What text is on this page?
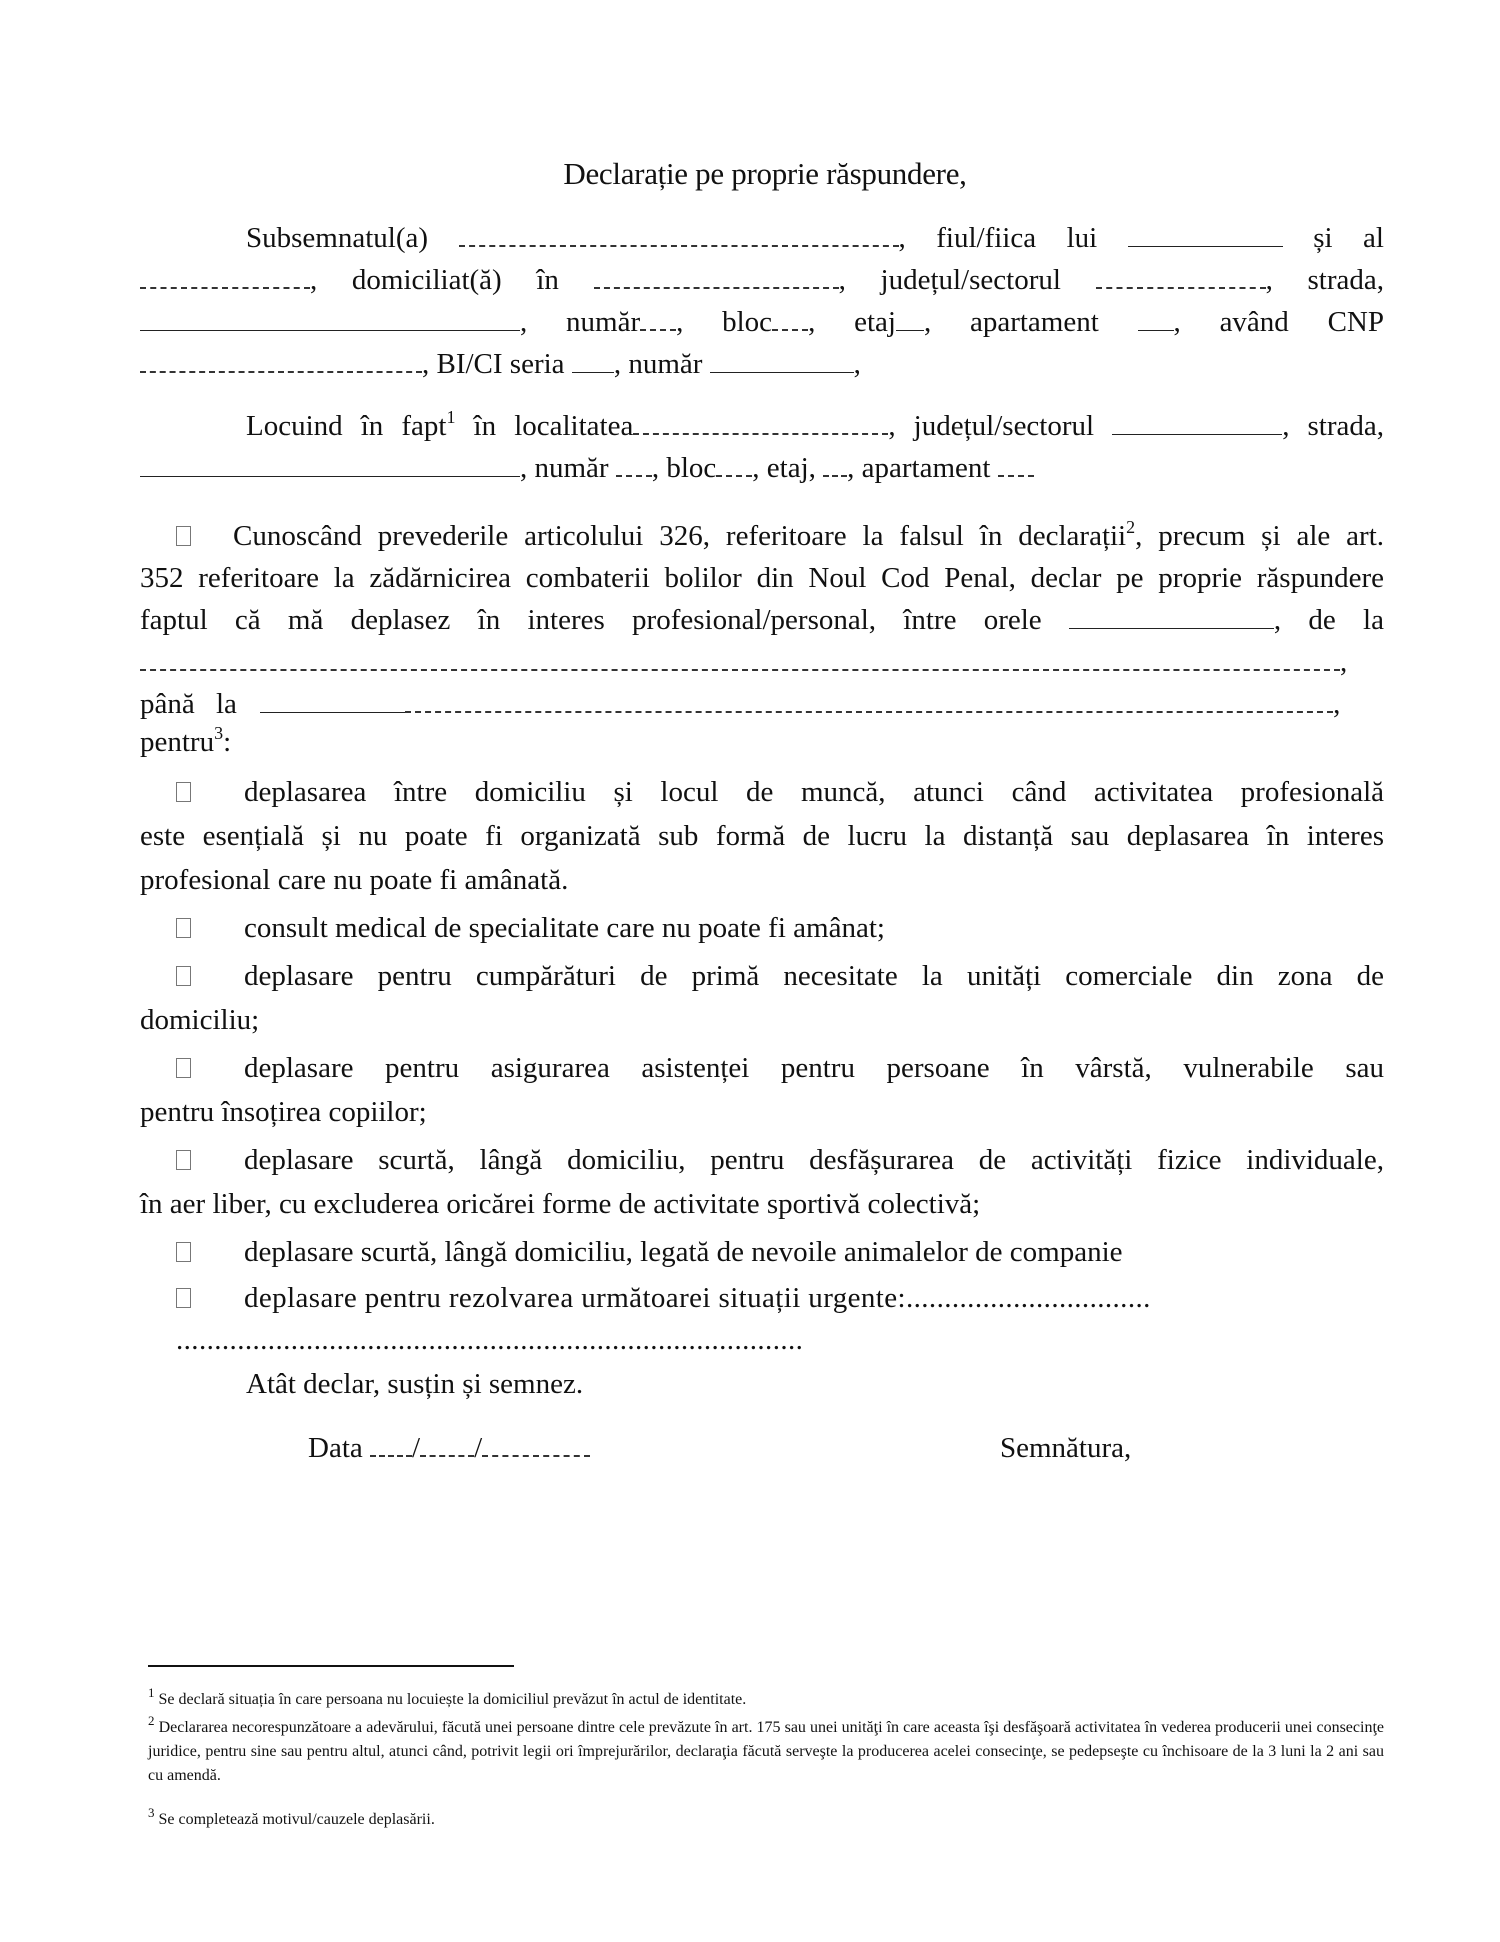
Declarație pe proprie răspundere,
Subsemnatul(a)	, fiul/fiica lui	și al
, domiciliat(ă) în	, județul/sectorul	, strada,
, număr , bloc , etaj , apartament	, având CNP
, BI/CI seria , număr	,
Locuind în fapt$^1$ în localitatea	, județul/sectorul	, strada,
, număr , bloc , etaj, , apartament
Cunoscând prevederile articolului 326, referitoare la falsul în declarații$^2$, precum și ale art.
352 referitoare la zădărnicirea combaterii bolilor din Noul Cod Penal, declar pe proprie răspundere
faptul că mă deplasez în interes profesional/personal, între orele	, de la
,
până la	,
pentru$^3$:
deplasarea între domiciliu și locul de muncă, atunci când activitatea profesională
este esențială și nu poate fi organizată sub formă de lucru la distanță sau deplasarea în interes
profesional care nu poate fi amânată.
consult medical de specialitate care nu poate fi amânat;
deplasare pentru cumpărături de primă necesitate la unități comerciale din zona de
domiciliu;
deplasare pentru asigurarea asistenței pentru persoane în vârstă, vulnerabile sau
pentru însoțirea copiilor;
deplasare scurtă, lângă domiciliu, pentru desfășurarea de activități fizice individuale,
în aer liber, cu excluderea oricărei forme de activitate sportivă colectivă;
deplasare scurtă, lângă domiciliu, legată de nevoile animalelor de companie
deplasare pentru rezolvarea următoarei situații urgente:................................
..................................................................................
Atât declar, susțin și semnez.
Data / /	Semnătura,
$^1$ Se declară situația în care persoana nu locuiește la domiciliul prevăzut în actul de identitate.
$^2$ Declararea necorespunzătoare a adevărului, făcută unei persoane dintre cele prevăzute în art. 175 sau unei unităţi în care aceasta îşi desfăşoară activitatea în vederea producerii unei consecinţe juridice, pentru sine sau pentru altul, atunci când, potrivit legii ori împrejurărilor, declaraţia făcută serveşte la producerea acelei consecinţe, se pedepseşte cu închisoare de la 3 luni la 2 ani sau cu amendă.
$^3$ Se completează motivul/cauzele deplasării.
